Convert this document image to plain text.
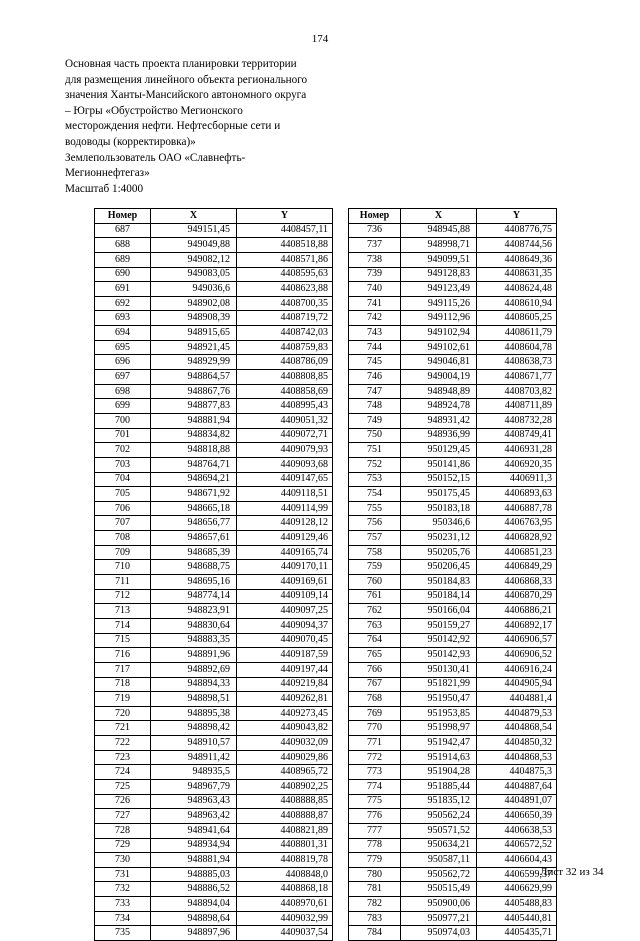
174
Основная часть проекта планировки территории
для размещения линейного объекта регионального
значения Ханты-Мансийского автономного округа
– Югры «Обустройство Мегионского
месторождения нефти. Нефтесборные сети и
водоводы (корректировка)»
Землепользователь ОАО «Славнефть-
Мегионнефтегаз»
Масштаб 1:4000
Номер	X	Y
687	949151,45	4408457,11
688	949049,88	4408518,88
689	949082,12	4408571,86
690	949083,05	4408595,63
691	949036,6	4408623,88
692	948902,08	4408700,35
693	948908,39	4408719,72
694	948915,65	4408742,03
695	948921,45	4408759,83
696	948929,99	4408786,09
697	948864,57	4408808,85
698	948867,76	4408858,69
699	948877,83	4408995,43
700	948881,94	4409051,32
701	948834,82	4409072,71
702	948818,88	4409079,93
703	948764,71	4409093,68
704	948694,21	4409147,65
705	948671,92	4409118,51
706	948665,18	4409114,99
707	948656,77	4409128,12
708	948657,61	4409129,46
709	948685,39	4409165,74
710	948688,75	4409170,11
711	948695,16	4409169,61
712	948774,14	4409109,14
713	948823,91	4409097,25
714	948830,64	4409094,37
715	948883,35	4409070,45
716	948891,96	4409187,59
717	948892,69	4409197,44
718	948894,33	4409219,84
719	948898,51	4409262,81
720	948895,38	4409273,45
721	948898,42	4409043,82
722	948910,57	4409032,09
723	948911,42	4409029,86
724	948935,5	4408965,72
725	948967,79	4408902,25
726	948963,43	4408888,85
727	948963,42	4408888,87
728	948941,64	4408821,89
729	948934,94	4408801,31
730	948881,94	4408819,78
731	948885,03	4408848,0
732	948886,52	4408868,18
733	948894,04	4408970,61
734	948898,64	4409032,99
735	948897,96	4409037,54
Номер	X	Y
736	948945,88	4408776,75
737	948998,71	4408744,56
738	949099,51	4408649,36
739	949128,83	4408631,35
740	949123,49	4408624,48
741	949115,26	4408610,94
742	949112,96	4408605,25
743	949102,94	4408611,79
744	949102,61	4408604,78
745	949046,81	4408638,73
746	949004,19	4408671,77
747	948948,89	4408703,82
748	948924,78	4408711,89
749	948931,42	4408732,28
750	948936,99	4408749,41
751	950129,45	4406931,28
752	950141,86	4406920,35
753	950152,15	4406911,3
754	950175,45	4406893,63
755	950183,18	4406887,78
756	950346,6	4406763,95
757	950231,12	4406828,92
758	950205,76	4406851,23
759	950206,45	4406849,29
760	950184,83	4406868,33
761	950184,14	4406870,29
762	950166,04	4406886,21
763	950159,27	4406892,17
764	950142,92	4406906,57
765	950142,93	4406906,52
766	950130,41	4406916,24
767	951821,99	4404905,94
768	951950,47	4404881,4
769	951953,85	4404879,53
770	951998,97	4404868,54
771	951942,47	4404850,32
772	951914,63	4404868,53
773	951904,28	4404875,3
774	951885,44	4404887,64
775	951835,12	4404891,07
776	950562,24	4406650,39
777	950571,52	4406638,53
778	950634,21	4406572,52
779	950587,11	4406604,43
780	950562,72	4406599,37
781	950515,49	4406629,99
782	950900,06	4405488,83
783	950977,21	4405440,81
784	950974,03	4405435,71
Лист 32 из 34
